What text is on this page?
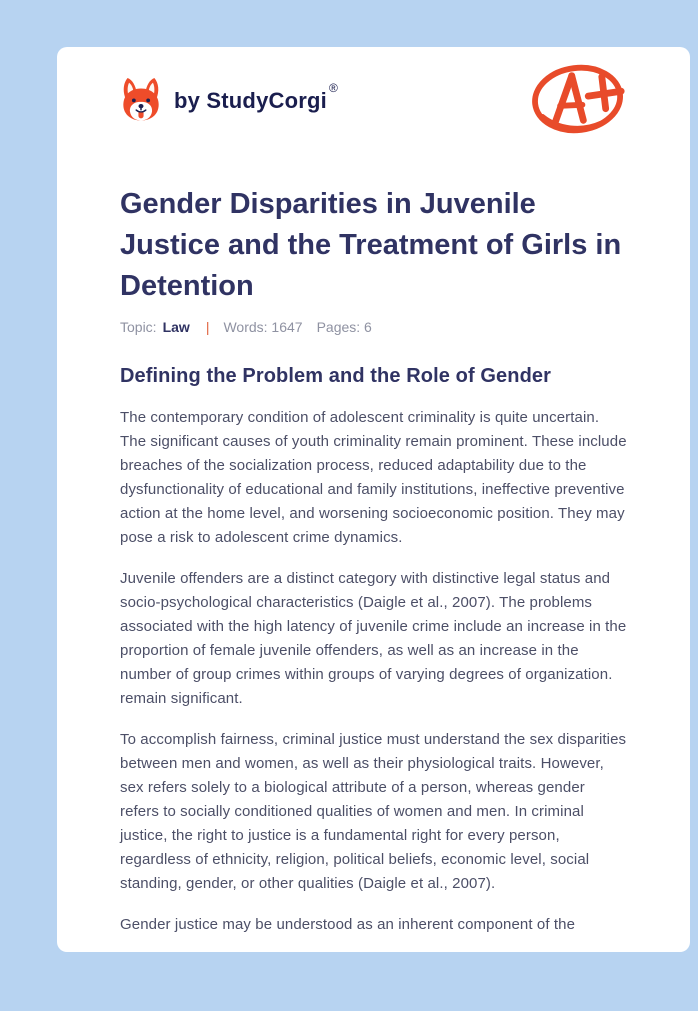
by StudyCorgi ®
Gender Disparities in Juvenile Justice and the Treatment of Girls in Detention
Topic: Law | Words: 1647 Pages: 6
Defining the Problem and the Role of Gender

The contemporary condition of adolescent criminality is quite uncertain. The significant causes of youth criminality remain prominent. These include breaches of the socialization process, reduced adaptability due to the dysfunctionality of educational and family institutions, ineffective preventive action at the home level, and worsening socioeconomic position. They may pose a risk to adolescent crime dynamics.

Juvenile offenders are a distinct category with distinctive legal status and socio-psychological characteristics (Daigle et al., 2007). The problems associated with the high latency of juvenile crime include an increase in the proportion of female juvenile offenders, as well as an increase in the number of group crimes within groups of varying degrees of organization. remain significant.

To accomplish fairness, criminal justice must understand the sex disparities between men and women, as well as their physiological traits. However, sex refers solely to a biological attribute of a person, whereas gender refers to socially conditioned qualities of women and men. In criminal justice, the right to justice is a fundamental right for every person, regardless of ethnicity, religion, political beliefs, economic level, social standing, gender, or other qualities (Daigle et al., 2007).

Gender justice may be understood as an inherent component of the
